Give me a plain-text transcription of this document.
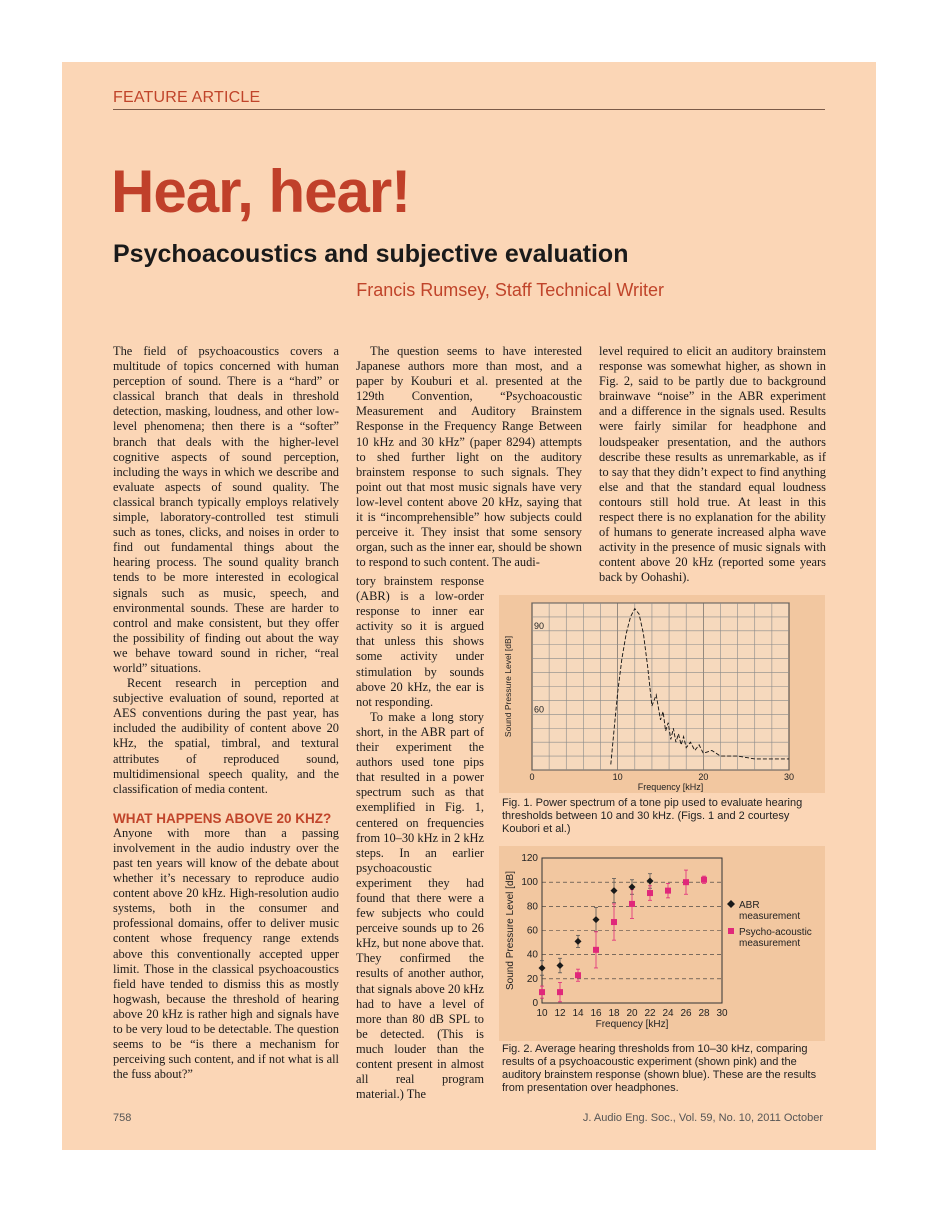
FEATURE ARTICLE
Hear, hear!
Psychoacoustics and subjective evaluation
Francis Rumsey, Staff Technical Writer

The field of psychoacoustics covers a multitude of topics concerned with human perception of sound. There is a “hard” or classical branch that deals in threshold detection, masking, loudness, and other low-level phenomena; then there is a “softer” branch that deals with the higher-level cognitive aspects of sound perception, including the ways in which we describe and evaluate aspects of sound quality. The classical branch typically employs relatively simple, laboratory-controlled test stimuli such as tones, clicks, and noises in order to find out fundamental things about the hearing process. The sound quality branch tends to be more interested in ecological signals such as music, speech, and environmental sounds. These are harder to control and make consistent, but they offer the possibility of finding out about the way we behave toward sound in richer, “real world” situations.

Recent research in perception and subjective evaluation of sound, reported at AES conventions during the past year, has included the audibility of content above 20 kHz, the spatial, timbral, and textural attributes of reproduced sound, multidimensional speech quality, and the classification of media content.

WHAT HAPPENS ABOVE 20 KHZ?

Anyone with more than a passing involvement in the audio industry over the past ten years will know of the debate about whether it’s necessary to reproduce audio content above 20 kHz. High-resolution audio systems, both in the consumer and professional domains, offer to deliver music content whose frequency range extends above this conventionally accepted upper limit. Those in the classical psychoacoustics field have tended to dismiss this as mostly hogwash, because the threshold of hearing above 20 kHz is rather high and signals have to be very loud to be detectable. The question seems to be “is there a mechanism for perceiving such content, and if not what is all the fuss about?”

The question seems to have interested Japanese authors more than most, and a paper by Kouburi et al. presented at the 129th Convention, “Psychoacoustic Measurement and Auditory Brainstem Response in the Frequency Range Between 10 kHz and 30 kHz” (paper 8294) attempts to shed further light on the auditory brainstem response to such signals. They point out that most music signals have very low-level content above 20 kHz, saying that it is “incomprehensible” how subjects could perceive it. They insist that some sensory organ, such as the inner ear, should be shown to respond to such content. The audi-

tory brainstem response (ABR) is a low-order response to inner ear activity so it is argued that unless this shows some activity under stimulation by sounds above 20 kHz, the ear is not responding.

To make a long story short, in the ABR part of their experiment the authors used tone pips that resulted in a power spectrum such as that exemplified in Fig. 1, centered on frequencies from 10–30 kHz in 2 kHz steps. In an earlier psychoacoustic experiment they had found that there were a few subjects who could perceive sounds up to 26 kHz, but none above that. They confirmed the results of another author, that signals above 20 kHz had to have a level of more than 80 dB SPL to be detected. (This is much louder than the content present in almost all real program material.) The

level required to elicit an auditory brainstem response was somewhat higher, as shown in Fig. 2, said to be partly due to background brainwave “noise” in the ABR experiment and a difference in the signals used. Results were fairly similar for headphone and loudspeaker presentation, and the authors describe these results as unremarkable, as if to say that they didn’t expect to find anything else and that the standard equal loudness contours still hold true. At least in this respect there is no explanation for the ability of humans to generate increased alpha wave activity in the presence of music signals with content above 20 kHz (reported some years back by Oohashi).

60
90
0	10	20	30
Frequency [kHz]
Sound Pressure Level [dB]
Fig. 1. Power spectrum of a tone pip used to evaluate hearing thresholds between 10 and 30 kHz. (Figs. 1 and 2 courtesy Koubori et al.)
0
20
40
60
80
100
120
10 12 14 16 18 20 22 24 26 28 30
Frequency [kHz]
Sound Pressure Level [dB]	ABR
measurement
Psycho-acoustic
measurement
Fig. 2. Average hearing thresholds from 10–30 kHz, comparing results of a psychoacoustic experiment (shown pink) and the auditory brainstem response (shown blue). These are the results from presentation over headphones.
758	J. Audio Eng. Soc., Vol. 59, No. 10, 2011 October
